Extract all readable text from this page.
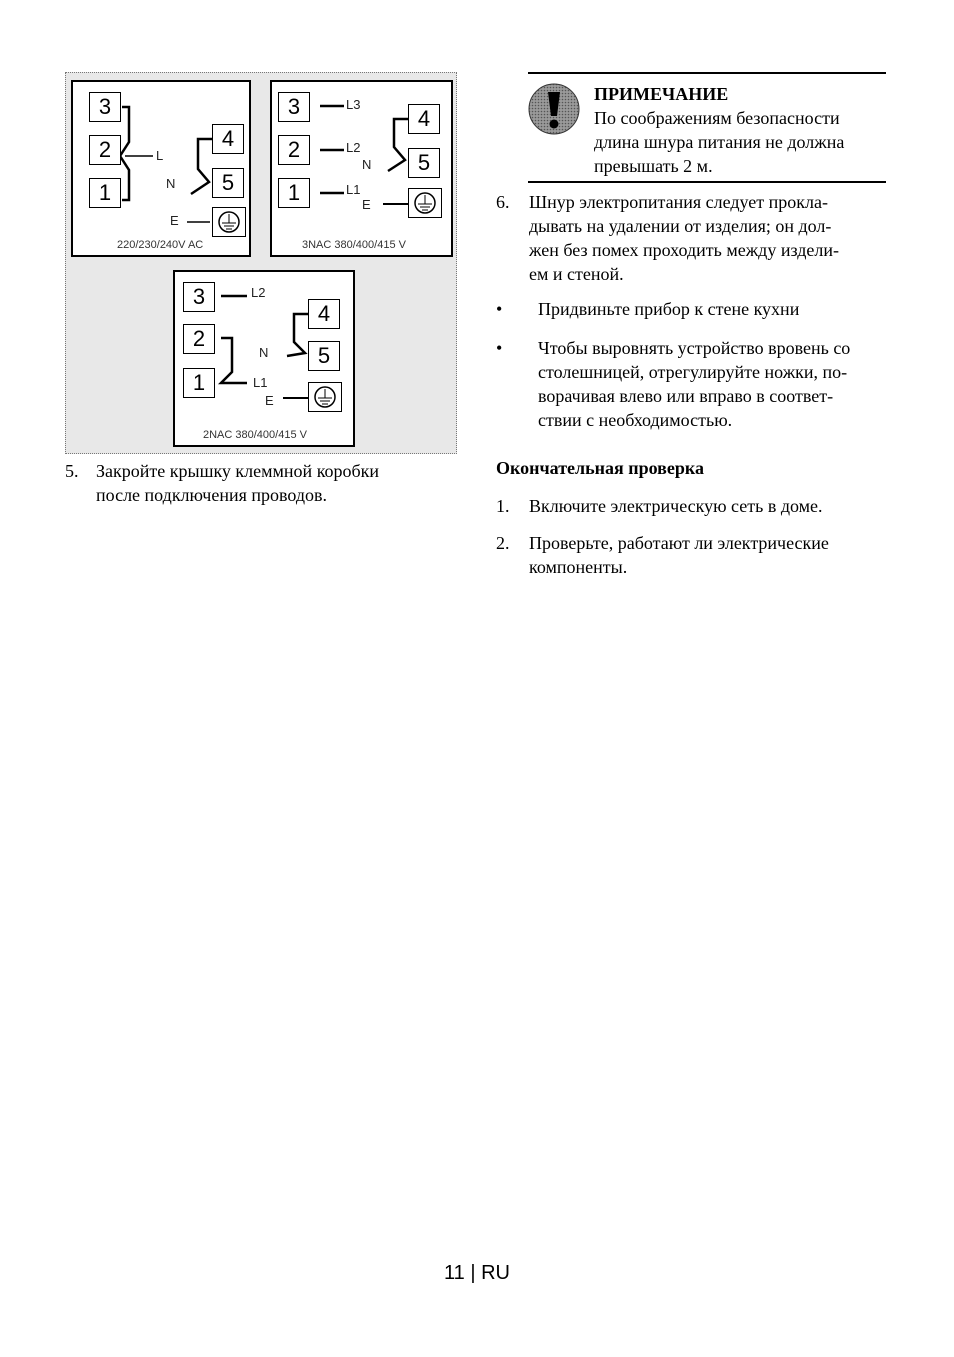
3
2
1
4
5
L
N
E
220/230/240V AC
3
2
1
4
5
L3
L2
N
L1
E
3NAC 380/400/415 V
3
2
1
4
5
L2
N
L1
E
2NAC 380/400/415 V
5. Закройте крышку клеммной коробки
после подключения проводов.
ПРИМЕЧАНИЕ
По соображениям безопасности
длина шнура питания не должна
превышать 2 м.
6. Шнур электропитания следует прокла-
дывать на удалении от изделия; он дол-
жен без помех проходить между издели-
ем и стеной.
• Придвиньте прибор к стене кухни
• Чтобы выровнять устройство вровень со
столешницей, отрегулируйте ножки, по-
ворачивая влево или вправо в соответ-
ствии с необходимостью.
Окончательная проверка
1. Включите электрическую сеть в доме.
2. Проверьте, работают ли электрические
компоненты.
11 | RU
